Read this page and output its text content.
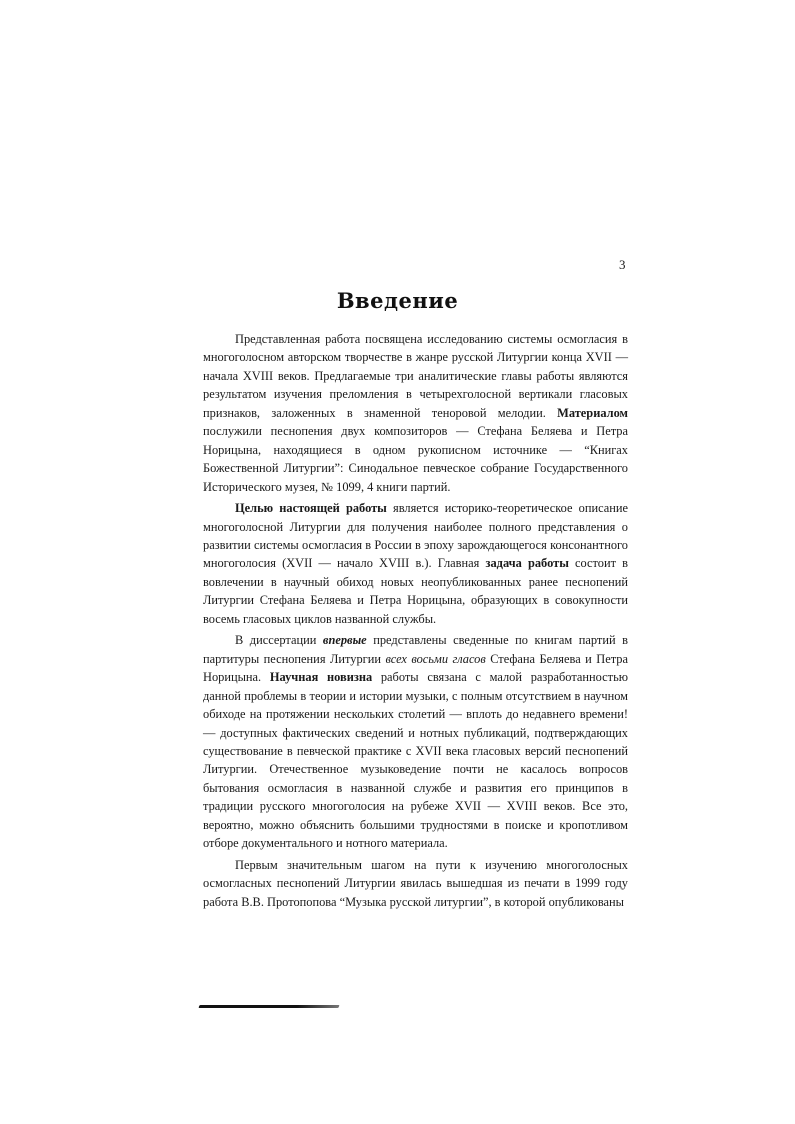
3
Введение

Представленная работа посвящена исследованию системы осмогласия в многоголосном авторском творчестве в жанре русской Литургии конца XVII — начала XVIII веков. Предлагаемые три аналитические главы работы являются результатом изучения преломления в четырехголосной вертикали гласовых признаков, заложенных в знаменной теноровой мелодии. Материалом послужили песнопения двух композиторов — Стефана Беляева и Петра Норицына, находящиеся в одном рукописном источнике — “Книгах Божественной Литургии”: Синодальное певческое собрание Государственного Исторического музея, № 1099, 4 книги партий.

Целью настоящей работы является историко-теоретическое описание многоголосной Литургии для получения наиболее полного представления о развитии системы осмогласия в России в эпоху зарождающегося консонантного многоголосия (XVII — начало XVIII в.). Главная задача работы состоит в вовлечении в научный обиход новых неопубликованных ранее песнопений Литургии Стефана Беляева и Петра Норицына, образующих в совокупности восемь гласовых циклов названной службы.

В диссертации впервые представлены сведенные по книгам партий в партитуры песнопения Литургии всех восьми гласов Стефана Беляева и Петра Норицына. Научная новизна работы связана с малой разработанностью данной проблемы в теории и истории музыки, с полным отсутствием в научном обиходе на протяжении нескольких столетий — вплоть до недавнего времени! — доступных фактических сведений и нотных публикаций, подтверждающих существование в певческой практике с XVII века гласовых версий песнопений Литургии. Отечественное музыковедение почти не касалось вопросов бытования осмогласия в названной службе и развития его принципов в традиции русского многоголосия на рубеже XVII — XVIII веков. Все это, вероятно, можно объяснить большими трудностями в поиске и кропотливом отборе документального и нотного материала.

Первым значительным шагом на пути к изучению многоголосных осмогласных песнопений Литургии явилась вышедшая из печати в 1999 году работа В.В. Протопопова “Музыка русской литургии”, в которой опубликованы
